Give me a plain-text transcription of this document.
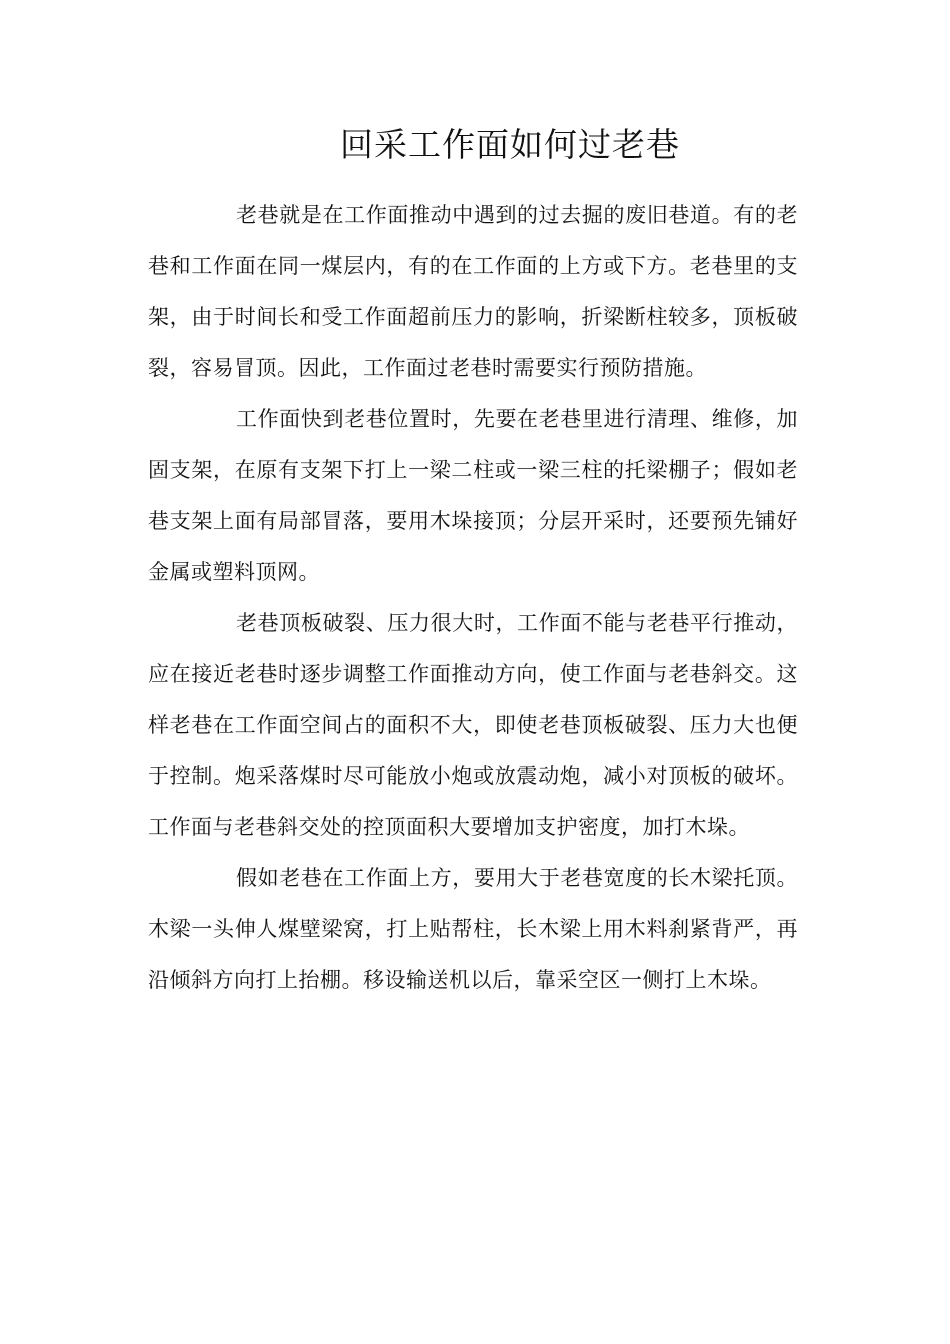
回采工作面如何过老巷

老巷就是在工作面推动中遇到的过去掘的废旧巷道。有的老巷和工作面在同一煤层内，有的在工作面的上方或下方。老巷里的支架，由于时间长和受工作面超前压力的影响，折梁断柱较多，顶板破裂，容易冒顶。因此，工作面过老巷时需要实行预防措施。

工作面快到老巷位置时，先要在老巷里进行清理、维修，加固支架，在原有支架下打上一梁二柱或一梁三柱的托梁棚子；假如老巷支架上面有局部冒落，要用木垛接顶；分层开采时，还要预先铺好金属或塑料顶网。

老巷顶板破裂、压力很大时，工作面不能与老巷平行推动，应在接近老巷时逐步调整工作面推动方向，使工作面与老巷斜交。这样老巷在工作面空间占的面积不大，即使老巷顶板破裂、压力大也便于控制。炮采落煤时尽可能放小炮或放震动炮，减小对顶板的破坏。工作面与老巷斜交处的控顶面积大要增加支护密度，加打木垛。

假如老巷在工作面上方，要用大于老巷宽度的长木梁托顶。木梁一头伸人煤壁梁窝，打上贴帮柱，长木梁上用木料刹紧背严，再沿倾斜方向打上抬棚。移设输送机以后，靠采空区一侧打上木垛。
